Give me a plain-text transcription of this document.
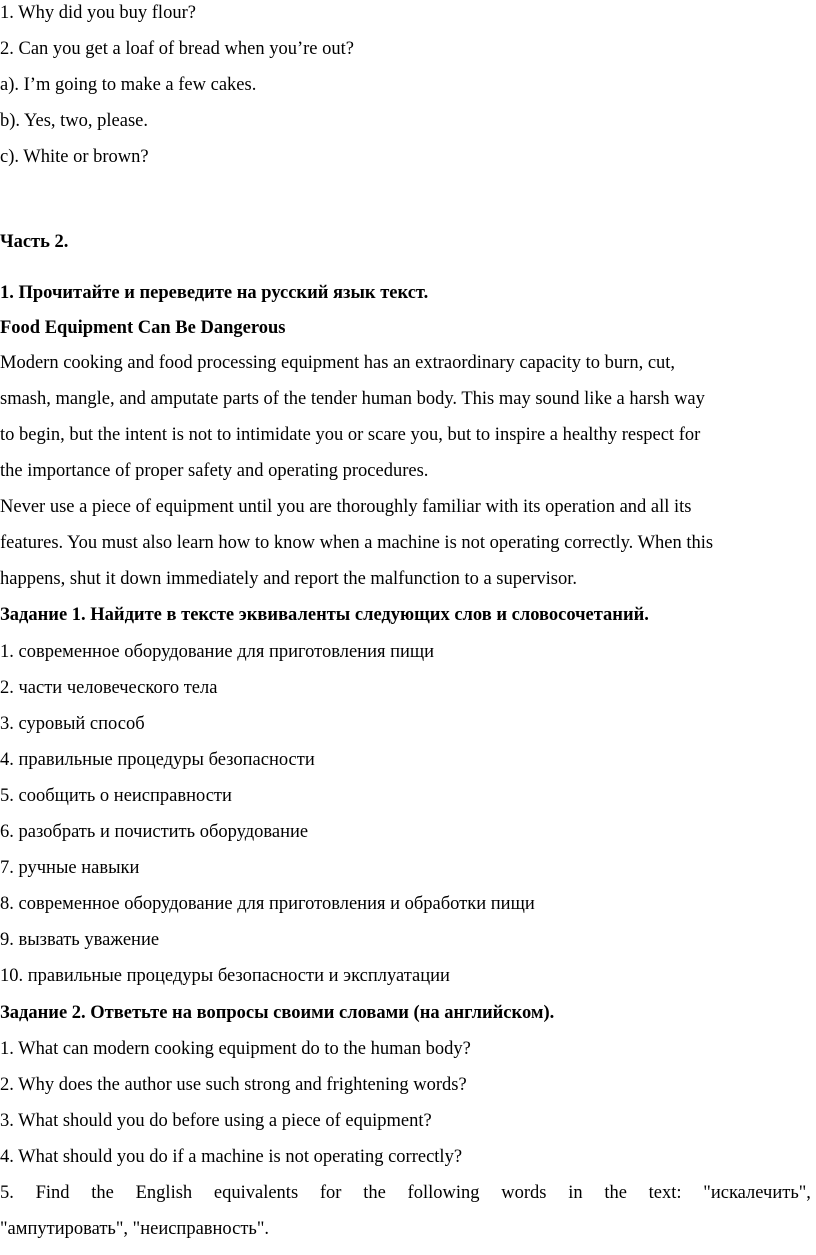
1. Why did you buy flour?
2. Can you get a loaf of bread when you’re out?
a). I’m going to make a few cakes.
b). Yes, two, please.
c). White or brown?
Часть 2.
1. Прочитайте и переведите на русский язык текст.
Food Equipment Can Be Dangerous
Modern cooking and food processing equipment has an extraordinary capacity to burn, cut,
smash, mangle, and amputate parts of the tender human body. This may sound like a harsh way
to begin, but the intent is not to intimidate you or scare you, but to inspire a healthy respect for
the importance of proper safety and operating procedures.
Never use a piece of equipment until you are thoroughly familiar with its operation and all its
features. You must also learn how to know when a machine is not operating correctly. When this
happens, shut it down immediately and report the malfunction to a supervisor.
Задание 1. Найдите в тексте эквиваленты следующих слов и словосочетаний.
1. современное оборудование для приготовления пищи
2. части человеческого тела
3. суровый способ
4. правильные процедуры безопасности
5. сообщить о неисправности
6. разобрать и почистить оборудование
7. ручные навыки
8. современное оборудование для приготовления и обработки пищи
9. вызвать уважение
10. правильные процедуры безопасности и эксплуатации
Задание 2. Ответьте на вопросы своими словами (на английском).
1. What can modern cooking equipment do to the human body?
2. Why does the author use such strong and frightening words?
3. What should you do before using a piece of equipment?
4. What should you do if a machine is not operating correctly?
5. Find the English equivalents for the following words in the text: "искалечить",
"ампутировать", "неисправность".
